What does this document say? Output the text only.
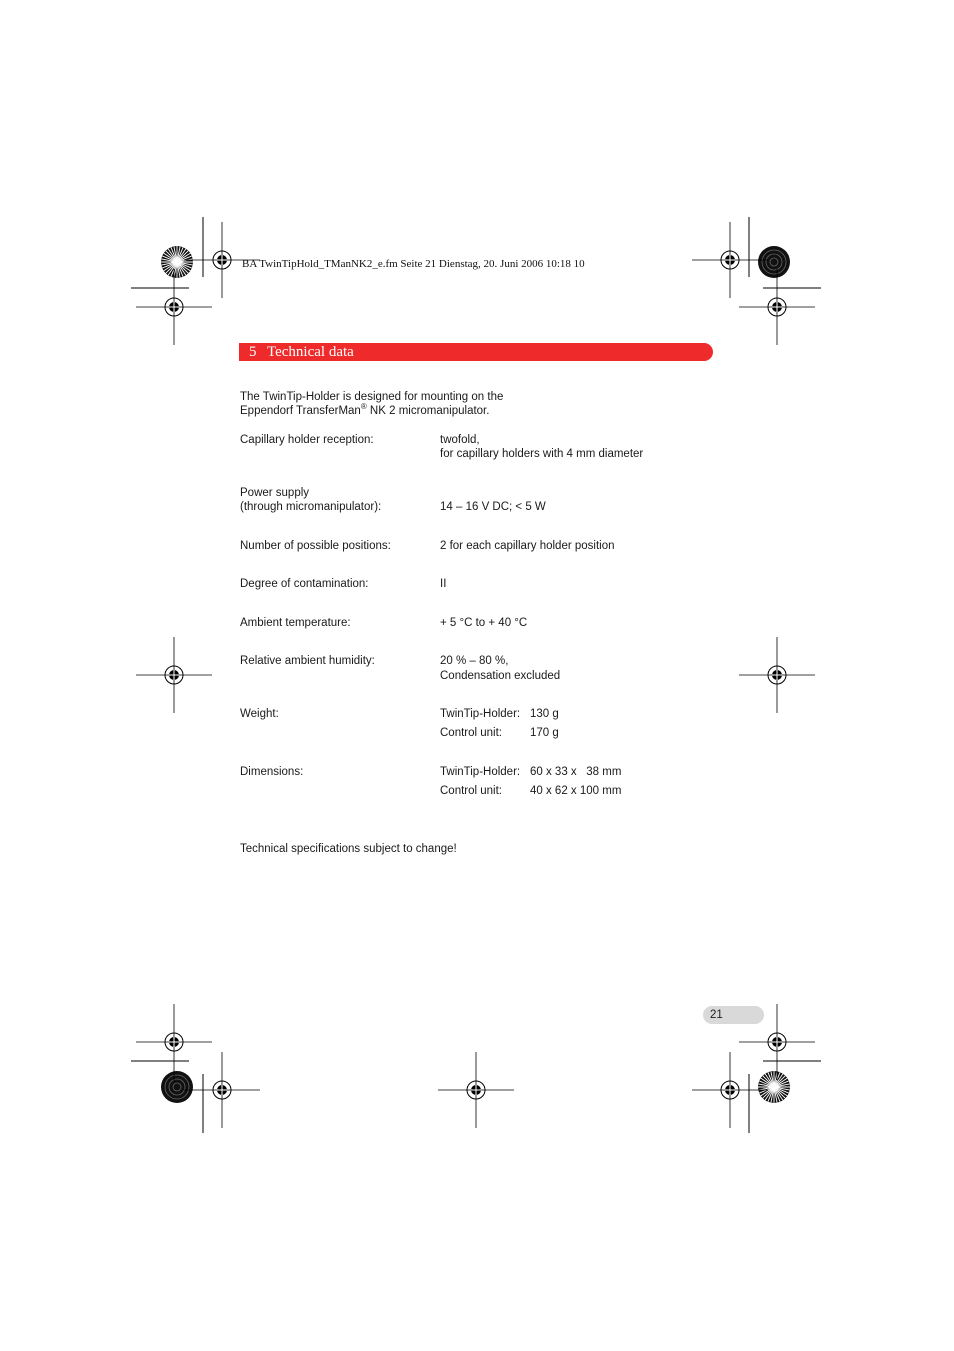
BA TwinTipHold_TManNK2_e.fm Seite 21 Dienstag, 20. Juni 2006 10:18 10
5 Technical data
The TwinTip-Holder is designed for mounting on the
Eppendorf TransferMan® NK 2 micromanipulator.
Capillary holder reception:	twofold,
for capillary holders with 4 mm diameter
Power supply
(through micromanipulator):	14 – 16 V DC; < 5 W
Number of possible positions:	2 for each capillary holder position
Degree of contamination:	II
Ambient temperature:	+ 5 °C to + 40 °C
Relative ambient humidity:	20 % – 80 %,
Condensation excluded
Weight:	TwinTip-Holder: 130 g
Control unit: 170 g
Dimensions:	TwinTip-Holder: 60 x 33 x   38 mm
Control unit: 40 x 62 x 100 mm
Technical specifications subject to change!
21
